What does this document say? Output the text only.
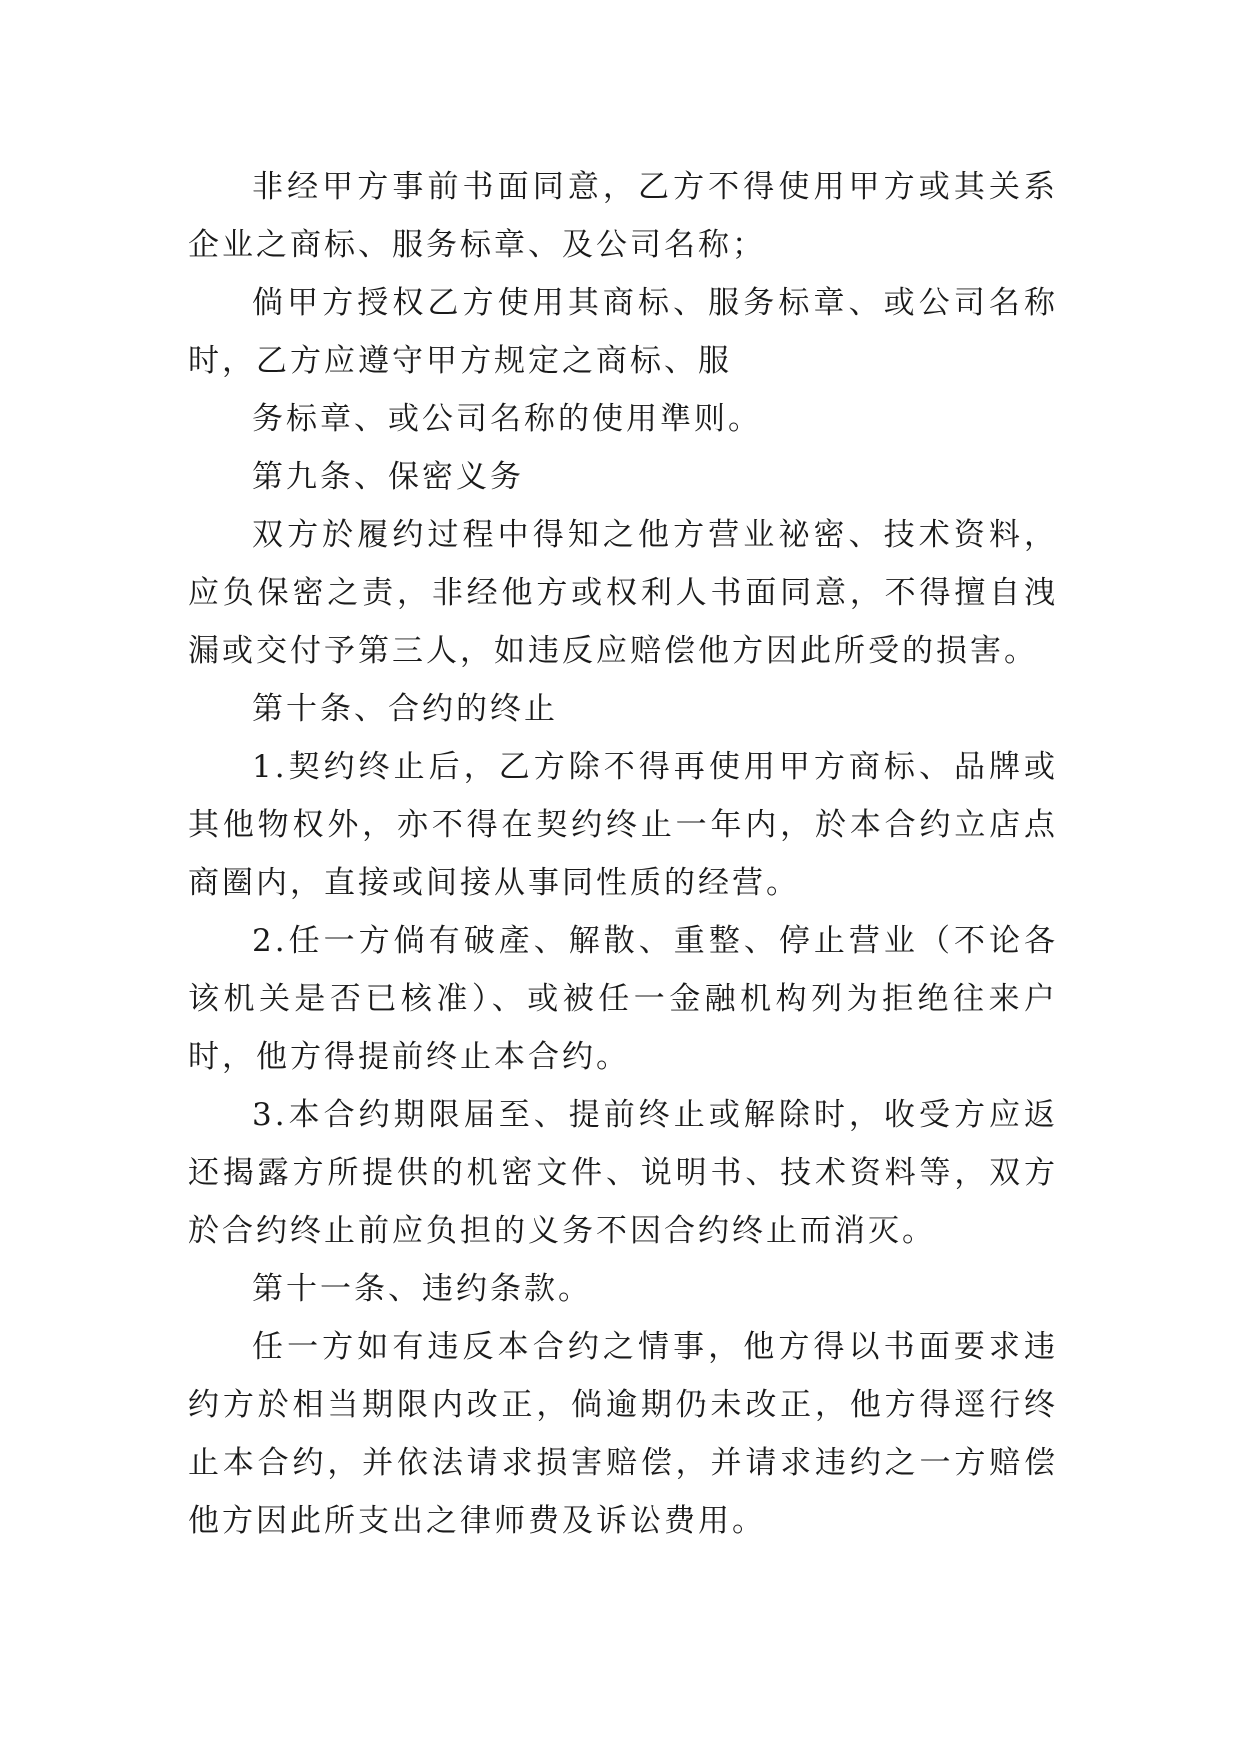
非经甲方事前书面同意，乙方不得使用甲方或其关系企业之商标、服务标章、及公司名称；

倘甲方授权乙方使用其商标、服务标章、或公司名称时，乙方应遵守甲方规定之商标、服

务标章、或公司名称的使用準则。

第九条、保密义务

双方於履约过程中得知之他方营业祕密、技术资料，应负保密之责，非经他方或权利人书面同意，不得擅自洩漏或交付予第三人，如违反应赔偿他方因此所受的损害。

第十条、合约的终止

1.契约终止后，乙方除不得再使用甲方商标、品牌或其他物权外，亦不得在契约终止一年内，於本合约立店点商圈内，直接或间接从事同性质的经营。

2.任一方倘有破產、解散、重整、停止营业（不论各该机关是否已核准）、或被任一金融机构列为拒绝往来户时，他方得提前终止本合约。

3.本合约期限届至、提前终止或解除时，收受方应返还揭露方所提供的机密文件、说明书、技术资料等，双方於合约终止前应负担的义务不因合约终止而消灭。

第十一条、违约条款。

任一方如有违反本合约之情事，他方得以书面要求违约方於相当期限内改正，倘逾期仍未改正，他方得逕行终止本合约，并依法请求损害赔偿，并请求违约之一方赔偿他方因此所支出之律师费及诉讼费用。
